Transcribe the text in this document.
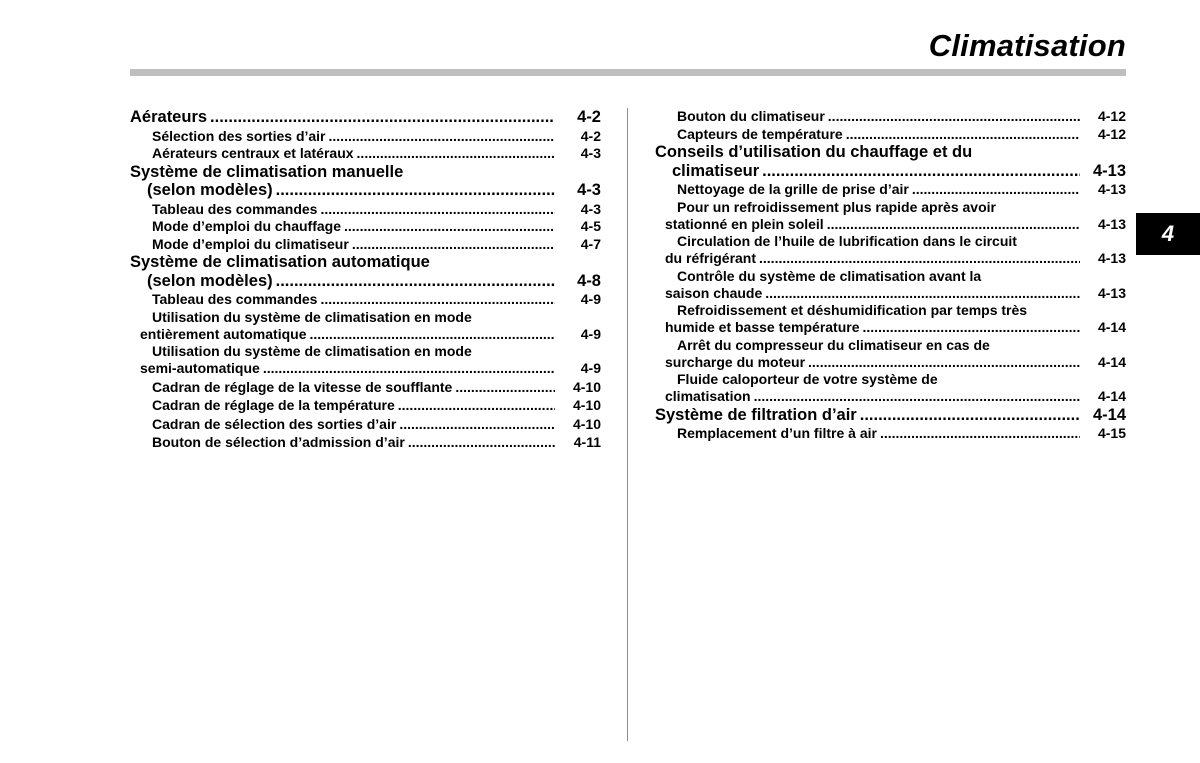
Climatisation
4
Aérateurs .....	4-2
Sélection des sorties d’air .....	4-2
Aérateurs centraux et latéraux .....	4-3
Système de climatisation manuelle
(selon modèles) .....	4-3
Tableau des commandes .....	4-3
Mode d’emploi du chauffage .....	4-5
Mode d’emploi du climatiseur .....	4-7
Système de climatisation automatique
(selon modèles) .....	4-8
Tableau des commandes .....	4-9
Utilisation du système de climatisation en mode
entièrement automatique .....	4-9
Utilisation du système de climatisation en mode
semi-automatique .....	4-9
Cadran de réglage de la vitesse de soufflante .....	4-10
Cadran de réglage de la température .....	4-10
Cadran de sélection des sorties d’air .....	4-10
Bouton de sélection d’admission d’air .....	4-11
Bouton du climatiseur .....	4-12
Capteurs de température .....	4-12
Conseils d’utilisation du chauffage et du
climatiseur .....	4-13
Nettoyage de la grille de prise d’air .....	4-13
Pour un refroidissement plus rapide après avoir
stationné en plein soleil .....	4-13
Circulation de l’huile de lubrification dans le circuit
du réfrigérant .....	4-13
Contrôle du système de climatisation avant la
saison chaude .....	4-13
Refroidissement et déshumidification par temps très
humide et basse température .....	4-14
Arrêt du compresseur du climatiseur en cas de
surcharge du moteur .....	4-14
Fluide caloporteur de votre système de
climatisation .....	4-14
Système de filtration d’air .....	4-14
Remplacement d’un filtre à air .....	4-15
